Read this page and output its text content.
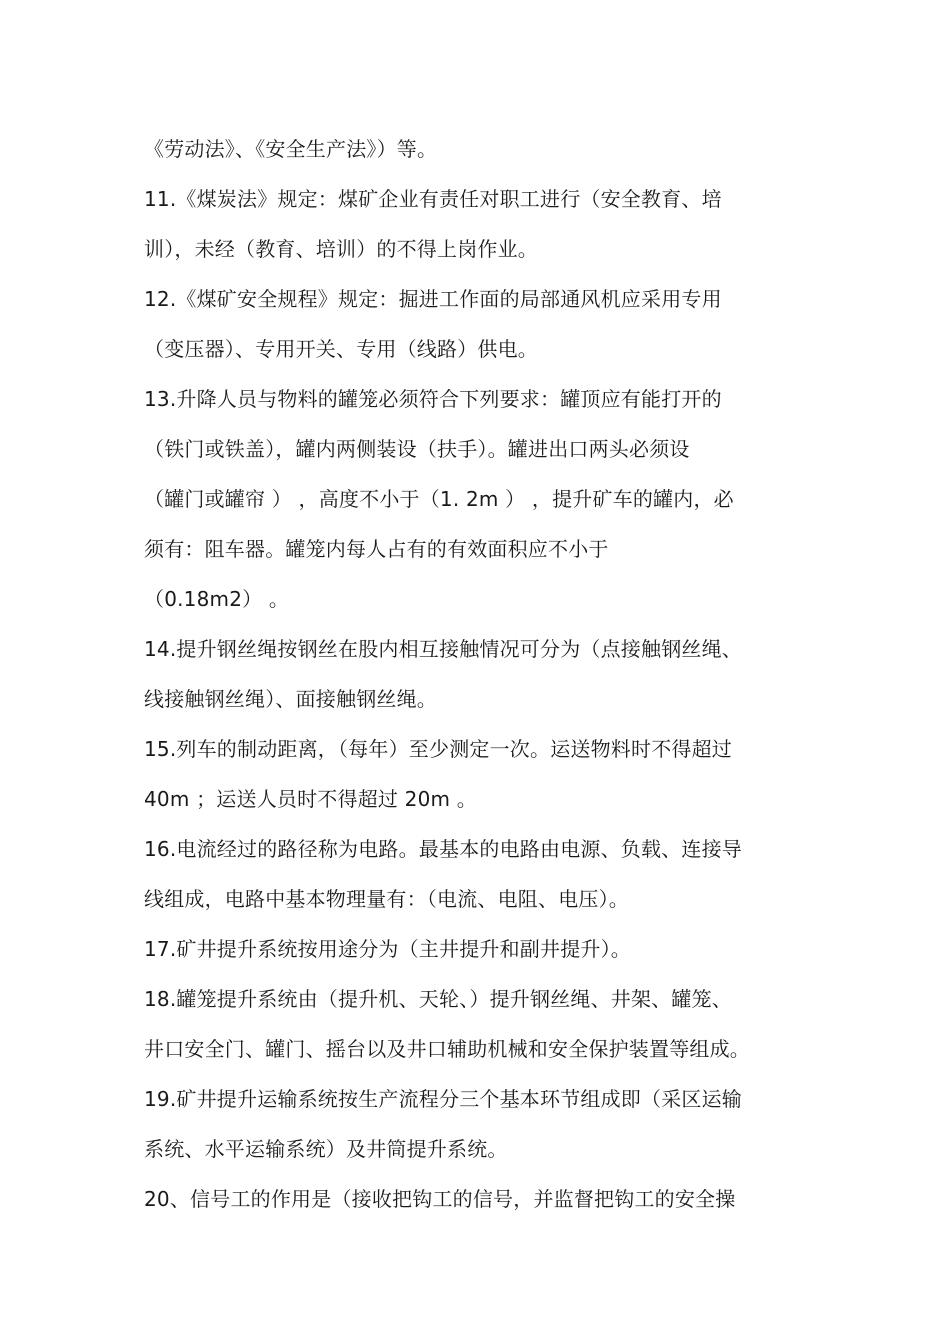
《劳动法》、《安全生产法》）等。
11.《煤炭法》规定：煤矿企业有责任对职工进行（安全教育、培
训），未经（教育、培训）的不得上岗作业。
12.《煤矿安全规程》规定：掘进工作面的局部通风机应采用专用
（变压器）、专用开关、专用（线路）供电。
13.升降人员与物料的罐笼必须符合下列要求：罐顶应有能打开的
（铁门或铁盖），罐内两侧装设（扶手）。罐进出口两头必须设
（罐门或罐帘 ） ，高度不小于（1. 2m ） ，提升矿车的罐内，必
须有：阻车器。罐笼内每人占有的有效面积应不小于
（0.18m2） 。
14.提升钢丝绳按钢丝在股内相互接触情况可分为（点接触钢丝绳、
线接触钢丝绳）、面接触钢丝绳。
15.列车的制动距离，（每年）至少测定一次。运送物料时不得超过
40m ；运送人员时不得超过 20m 。
16.电流经过的路径称为电路。最基本的电路由电源、负载、连接导
线组成，电路中基本物理量有：（电流、电阻、电压）。
17.矿井提升系统按用途分为（主井提升和副井提升）。
18.罐笼提升系统由（提升机、天轮、）提升钢丝绳、井架、罐笼、
井口安全门、罐门、摇台以及井口辅助机械和安全保护装置等组成。
19.矿井提升运输系统按生产流程分三个基本环节组成即（采区运输
系统、水平运输系统）及井筒提升系统。
20、信号工的作用是（接收把钩工的信号，并监督把钩工的安全操
